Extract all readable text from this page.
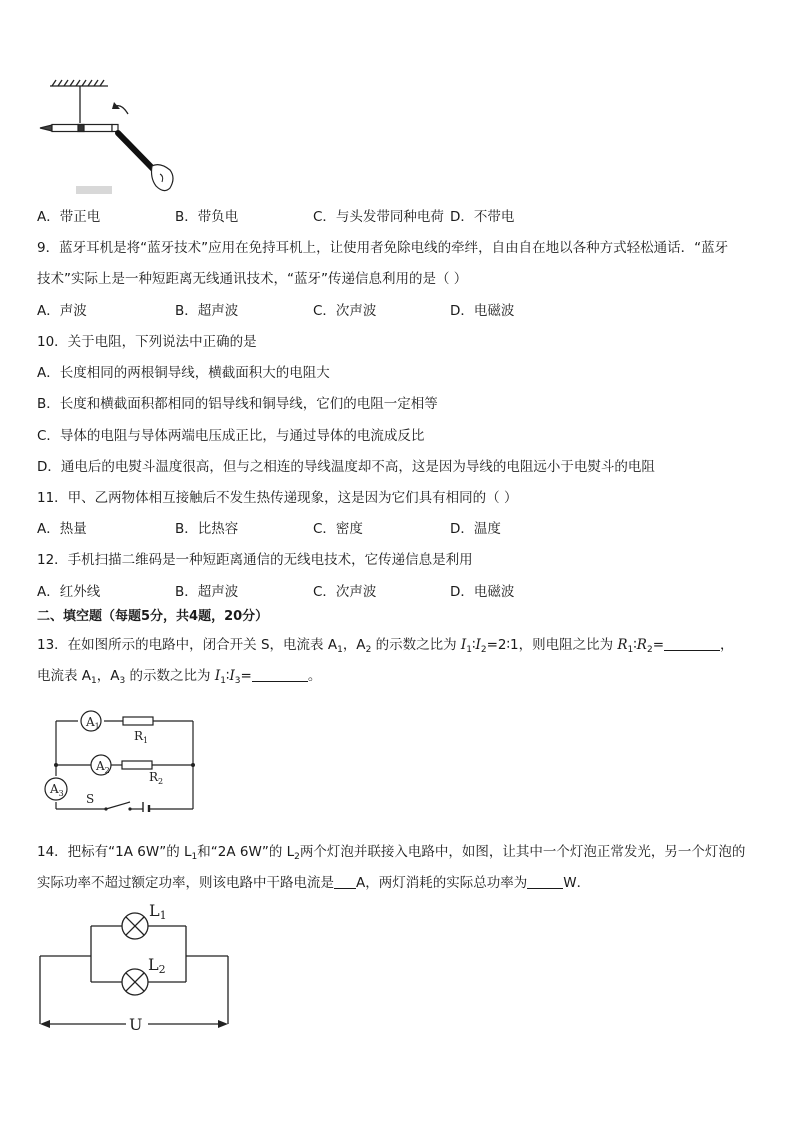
A．带正电	B．带负电	C．与头发带同种电荷 D．不带电
9．蓝牙耳机是将“蓝牙技术”应用在免持耳机上，让使用者免除电线的牵绊，自由自在地以各种方式轻松通话．“蓝牙
技术”实际上是一种短距离无线通讯技术，“蓝牙”传递信息利用的是（ ）
A．声波	B．超声波	C．次声波	D．电磁波
10．关于电阻，下列说法中正确的是
A．长度相同的两根铜导线，横截面积大的电阻大
B．长度和横截面积都相同的铝导线和铜导线，它们的电阻一定相等
C．导体的电阻与导体两端电压成正比，与通过导体的电流成反比
D．通电后的电熨斗温度很高，但与之相连的导线温度却不高，这是因为导线的电阻远小于电熨斗的电阻
11．甲、乙两物体相互接触后不发生热传递现象，这是因为它们具有相同的（ ）
A．热量	B．比热容	C．密度	D．温度
12．手机扫描二维码是一种短距离通信的无线电技术，它传递信息是利用
A．红外线	B．超声波	C．次声波	D．电磁波
二、填空题（每题5分，共4题，20分）
13．在如图所示的电路中，闭合开关 S，电流表 $A_1$，$A_2$ 的示数之比为 $I_1∶I_2=2∶1$，则电阻之比为 $R_1∶R_2=$	，
电流表 $A_1$，$A_3$ 的示数之比为 $I_1∶I_3=$	。
$A_1$
$A_2$
$A_3$
$R_1$
$R_2$
S
14．把标有“1A 6W”的 $L_1$和“2A 6W”的 $L_2$两个灯泡并联接入电路中，如图，让其中一个灯泡正常发光，另一个灯泡的
实际功率不超过额定功率，则该电路中干路电流是 A，两灯消耗的实际总功率为	W．
L1
L2
U
